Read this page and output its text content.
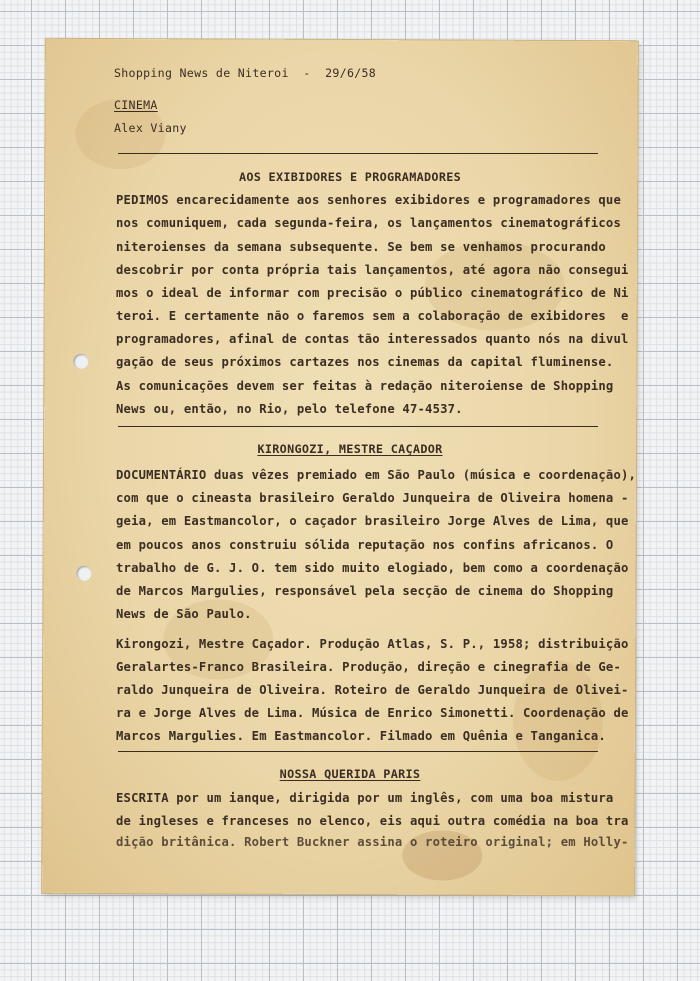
Shopping News de Niteroi  -  29/6/58
CINEMA
Alex Viany
AOS EXIBIDORES E PROGRAMADORES
PEDIMOS encarecidamente aos senhores exibidores e programadores que
nos comuniquem, cada segunda-feira, os lançamentos cinematográficos
niteroienses da semana subsequente. Se bem se venhamos procurando
descobrir por conta própria tais lançamentos, até agora não consegui
mos o ideal de informar com precisão o público cinematográfico de Ni
teroi. E certamente não o faremos sem a colaboração de exibidores  e
programadores, afinal de contas tão interessados quanto nós na divul
gação de seus próximos cartazes nos cinemas da capital fluminense.
As comunicações devem ser feitas à redação niteroiense de Shopping
News ou, então, no Rio, pelo telefone 47-4537.
KIRONGOZI, MESTRE CAÇADOR
DOCUMENTÁRIO duas vêzes premiado em São Paulo (música e coordenação),
com que o cineasta brasileiro Geraldo Junqueira de Oliveira homena -
geia, em Eastmancolor, o caçador brasileiro Jorge Alves de Lima, que
em poucos anos construiu sólida reputação nos confins africanos. O
trabalho de G. J. O. tem sido muito elogiado, bem como a coordenação
de Marcos Margulies, responsável pela secção de cinema do Shopping
News de São Paulo.
Kirongozi, Mestre Caçador. Produção Atlas, S. P., 1958; distribuição
Geralartes-Franco Brasileira. Produção, direção e cinegrafia de Ge-
raldo Junqueira de Oliveira. Roteiro de Geraldo Junqueira de Olivei-
ra e Jorge Alves de Lima. Música de Enrico Simonetti. Coordenação de
Marcos Margulies. Em Eastmancolor. Filmado em Quênia e Tanganica.
NOSSA QUERIDA PARIS
ESCRITA por um ianque, dirigida por um inglês, com uma boa mistura
de ingleses e franceses no elenco, eis aqui outra comédia na boa tra
dição britânica. Robert Buckner assina o roteiro original; em Holly-
